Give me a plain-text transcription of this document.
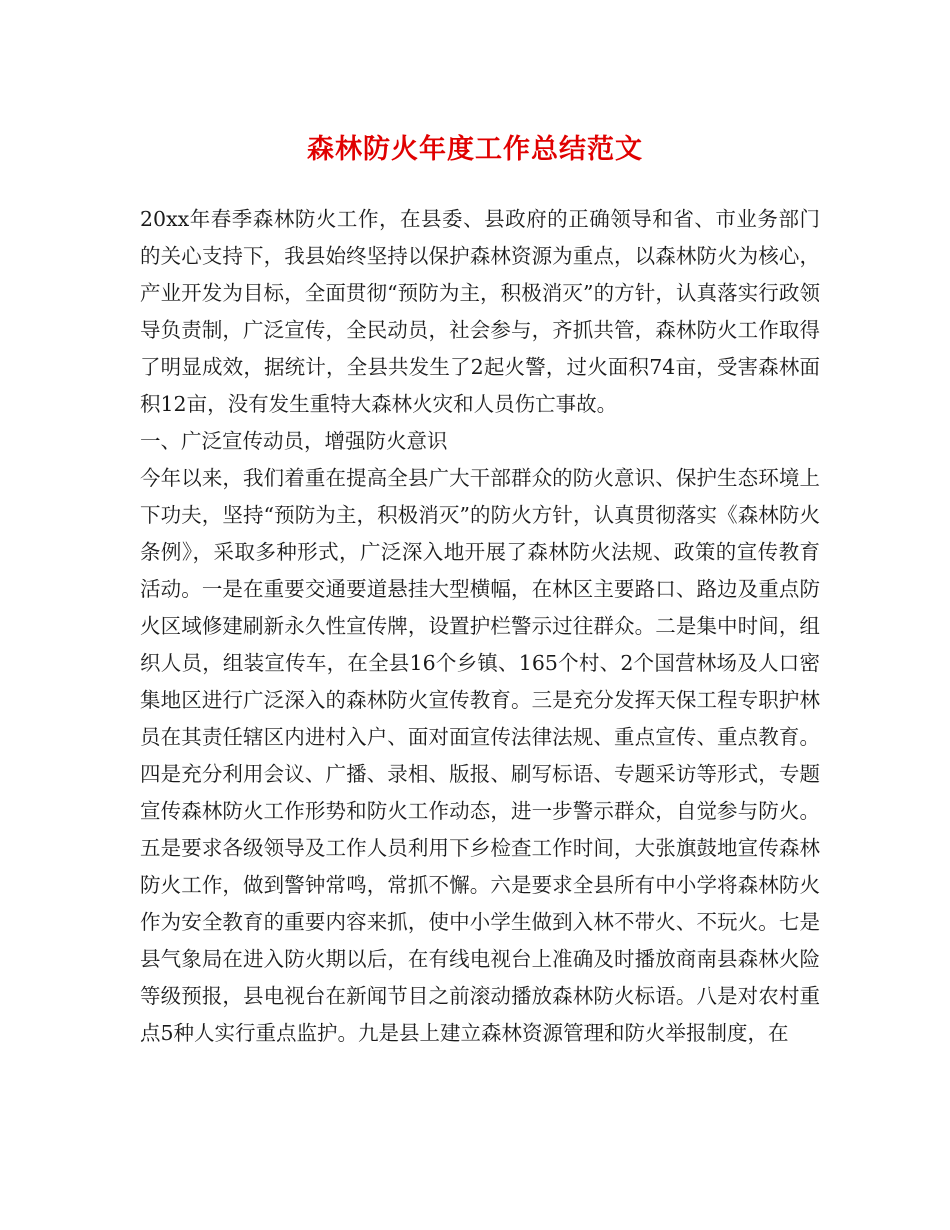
森林防火年度工作总结范文

20xx年春季森林防火工作，在县委、县政府的正确领导和省、市业务部门的关心支持下，我县始终坚持以保护森林资源为重点，以森林防火为核心，产业开发为目标，全面贯彻“预防为主，积极消灭”的方针，认真落实行政领导负责制，广泛宣传，全民动员，社会参与，齐抓共管，森林防火工作取得了明显成效，据统计，全县共发生了2起火警，过火面积74亩，受害森林面积12亩，没有发生重特大森林火灾和人员伤亡事故。

一、广泛宣传动员，增强防火意识

今年以来，我们着重在提高全县广大干部群众的防火意识、保护生态环境上下功夫，坚持“预防为主，积极消灭”的防火方针，认真贯彻落实《森林防火条例》，采取多种形式，广泛深入地开展了森林防火法规、政策的宣传教育活动。一是在重要交通要道悬挂大型横幅，在林区主要路口、路边及重点防火区域修建刷新永久性宣传牌，设置护栏警示过往群众。二是集中时间，组织人员，组装宣传车，在全县16个乡镇、165个村、2个国营林场及人口密集地区进行广泛深入的森林防火宣传教育。三是充分发挥天保工程专职护林员在其责任辖区内进村入户、面对面宣传法律法规、重点宣传、重点教育。四是充分利用会议、广播、录相、版报、刷写标语、专题采访等形式，专题宣传森林防火工作形势和防火工作动态，进一步警示群众，自觉参与防火。五是要求各级领导及工作人员利用下乡检查工作时间，大张旗鼓地宣传森林防火工作，做到警钟常鸣，常抓不懈。六是要求全县所有中小学将森林防火作为安全教育的重要内容来抓，使中小学生做到入林不带火、不玩火。七是县气象局在进入防火期以后，在有线电视台上准确及时播放商南县森林火险等级预报，县电视台在新闻节目之前滚动播放森林防火标语。八是对农村重点5种人实行重点监护。九是县上建立森林资源管理和防火举报制度，在
